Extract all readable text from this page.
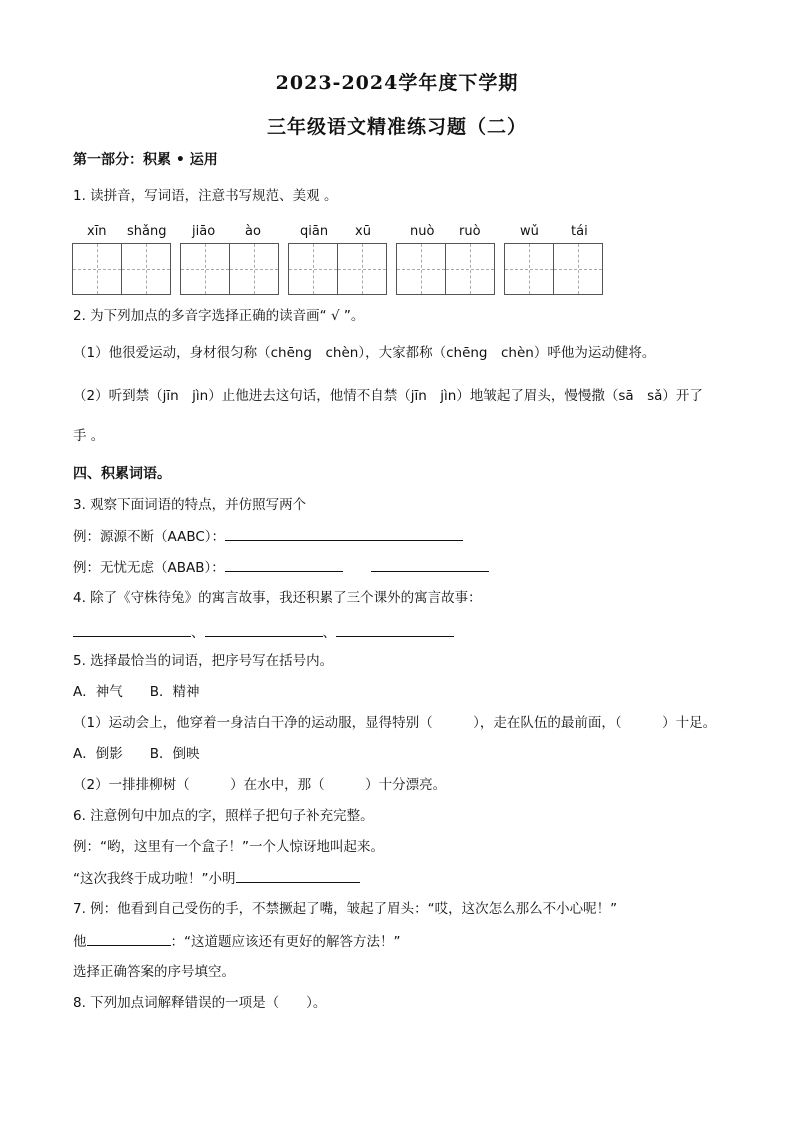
2023-2024学年度下学期
三年级语文精准练习题（二）
第一部分：积累 • 运用
1. 读拼音，写词语，注意书写规范、美观 。
xīn shǎng jiāo ào	qiān xū	nuò ruò	wǔ tái
2. 为下列加点的多音字选择正确的读音画“ √ ”。
（1）他很爱运动，身材很匀称（chēng　chèn），大家都称（chēng　chèn）呼他为运动健将。
（2）听到禁（jīn　jìn）止他进去这句话，他情不自禁（jīn　jìn）地皱起了眉头，慢慢撒（sā　sǎ）开了
手 。
四、积累词语。
3. 观察下面词语的特点，并仿照写两个
例：源源不断（AABC）：
例：无忧无虑（ABAB）：
4. 除了《守株待兔》的寓言故事，我还积累了三个课外的寓言故事：
、	、
5. 选择最恰当的词语，把序号写在括号内。
A．神气　　B．精神
（1）运动会上，他穿着一身洁白干净的运动服，显得特别（　　　），走在队伍的最前面，（　　　）十足。
A．倒影　　B．倒映
（2）一排排柳树（　　　）在水中，那（　　　）十分漂亮。
6. 注意例句中加点的字，照样子把句子补充完整。
例：“哟，这里有一个盒子！”一个人惊讶地叫起来。
“这次我终于成功啦！”小明
7. 例：他看到自己受伤的手，不禁撅起了嘴，皱起了眉头：“哎，这次怎么那么不小心呢！”
他	：“这道题应该还有更好的解答方法！”
选择正确答案的序号填空。
8. 下列加点词解释错误的一项是（　　）。
